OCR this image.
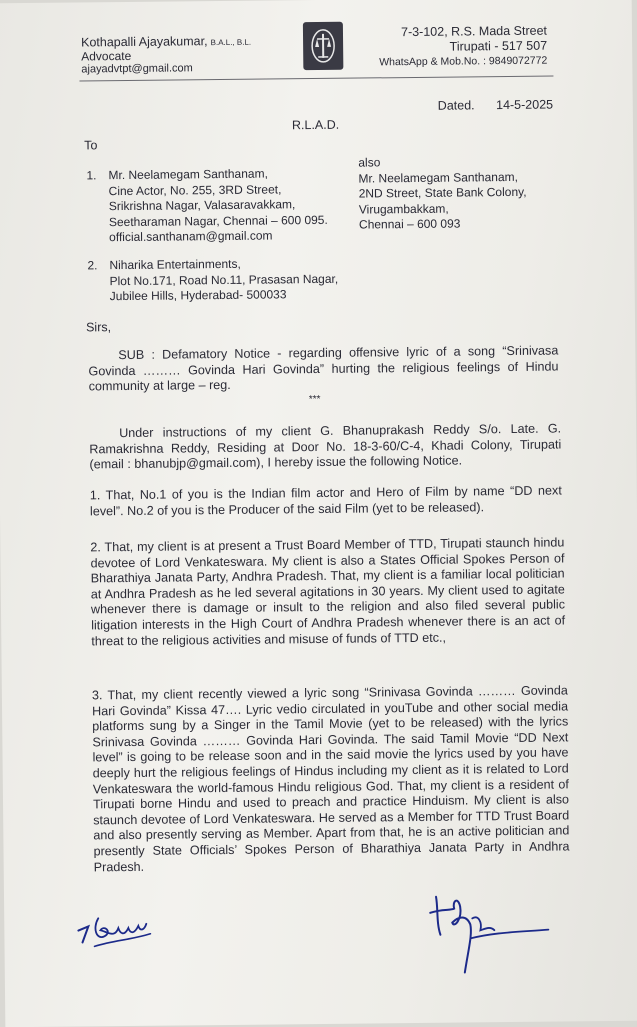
Kothapalli Ajayakumar, B.A.L., B.L.
Advocate
ajayadvtpt@gmail.com
7-3-102, R.S. Mada Street
Tirupati - 517 507
WhatsApp & Mob.No. : 9849072772
Dated. 14-5-2025
R.L.A.D.
To
1. Mr. Neelamegam Santhanam,
Cine Actor, No. 255, 3RD Street,
Srikrishna Nagar, Valasaravakkam,
Seetharaman Nagar, Chennai – 600 095.
official.santhanam@gmail.com
also
Mr. Neelamegam Santhanam,
2ND Street, State Bank Colony,
Virugambakkam,
Chennai – 600 093
2. Niharika Entertainments,
Plot No.171, Road No.11, Prasasan Nagar,
Jubilee Hills, Hyderabad- 500033
Sirs,
SUB : Defamatory Notice - regarding offensive lyric of a song “Srinivasa Govinda ……… Govinda Hari Govinda” hurting the religious feelings of Hindu community at large – reg.
***
Under instructions of my client G. Bhanuprakash Reddy S/o. Late. G. Ramakrishna Reddy, Residing at Door No. 18-3-60/C-4, Khadi Colony, Tirupati (email : bhanubjp@gmail.com), I hereby issue the following Notice.
1. That, No.1 of you is the Indian film actor and Hero of Film by name “DD next level”. No.2 of you is the Producer of the said Film (yet to be released).
2. That, my client is at present a Trust Board Member of TTD, Tirupati staunch hindu devotee of Lord Venkateswara. My client is also a States Official Spokes Person of Bharathiya Janata Party, Andhra Pradesh. That, my client is a familiar local politician at Andhra Pradesh as he led several agitations in 30 years. My client used to agitate whenever there is damage or insult to the religion and also filed several public litigation interests in the High Court of Andhra Pradesh whenever there is an act of threat to the religious activities and misuse of funds of TTD etc.,
3. That, my client recently viewed a lyric song “Srinivasa Govinda ……… Govinda Hari Govinda” Kissa 47…. Lyric vedio circulated in youTube and other social media platforms sung by a Singer in the Tamil Movie (yet to be released) with the lyrics Srinivasa Govinda ……… Govinda Hari Govinda. The said Tamil Movie “DD Next level” is going to be release soon and in the said movie the lyrics used by you have deeply hurt the religious feelings of Hindus including my client as it is related to Lord Venkateswara the world-famous Hindu religious God. That, my client is a resident of Tirupati borne Hindu and used to preach and practice Hinduism. My client is also staunch devotee of Lord Venkateswara. He served as a Member for TTD Trust Board and also presently serving as Member. Apart from that, he is an active politician and presently State Officials’ Spokes Person of Bharathiya Janata Party in Andhra Pradesh.
